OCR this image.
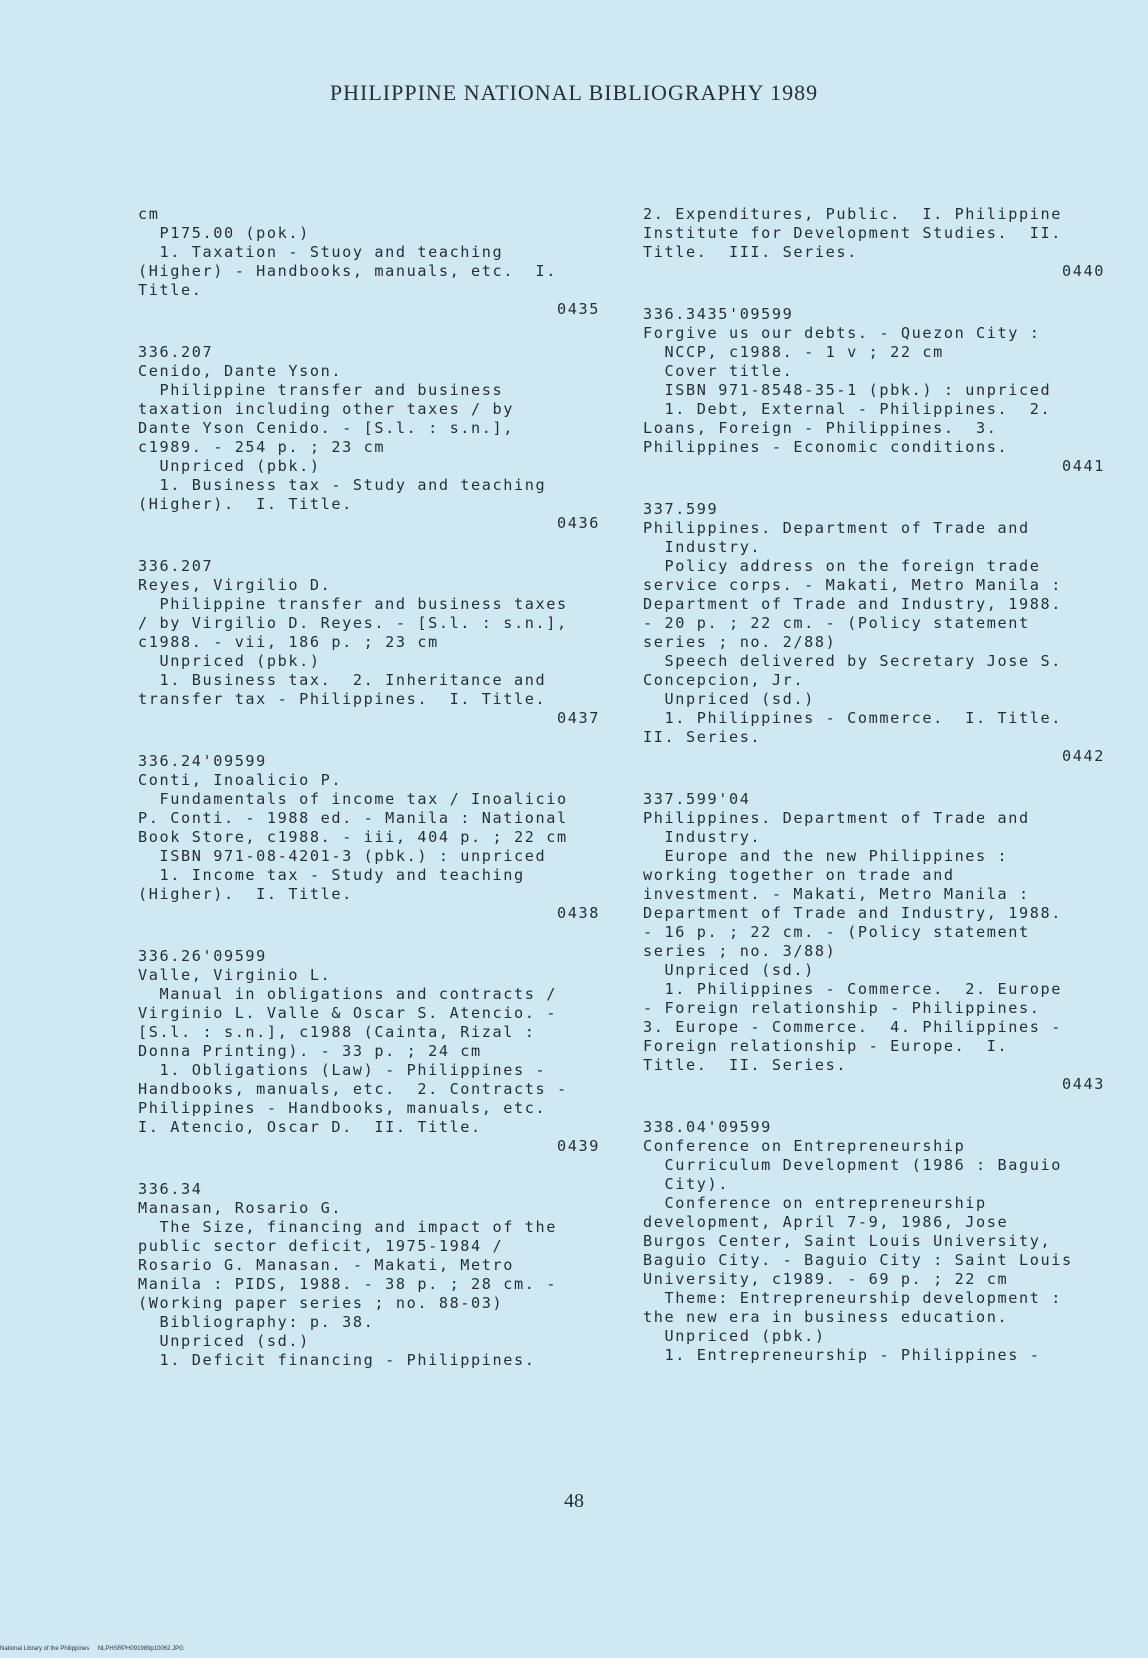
PHILIPPINE NATIONAL BIBLIOGRAPHY 1989
cm
P175.00 (pok.)
1. Taxation - Stuoy and teaching
(Higher) - Handbooks, manuals, etc.  I.
Title.
0435
336.207
Cenido, Dante Yson.
Philippine transfer and business
taxation including other taxes / by
Dante Yson Cenido. - [S.l. : s.n.],
c1989. - 254 p. ; 23 cm
Unpriced (pbk.)
1. Business tax - Study and teaching
(Higher).  I. Title.
0436
336.207
Reyes, Virgilio D.
Philippine transfer and business taxes
/ by Virgilio D. Reyes. - [S.l. : s.n.],
c1988. - vii, 186 p. ; 23 cm
Unpriced (pbk.)
1. Business tax.  2. Inheritance and
transfer tax - Philippines.  I. Title.
0437
336.24'09599
Conti, Inoalicio P.
Fundamentals of income tax / Inoalicio
P. Conti. - 1988 ed. - Manila : National
Book Store, c1988. - iii, 404 p. ; 22 cm
ISBN 971-08-4201-3 (pbk.) : unpriced
1. Income tax - Study and teaching
(Higher).  I. Title.
0438
336.26'09599
Valle, Virginio L.
Manual in obligations and contracts /
Virginio L. Valle & Oscar S. Atencio. -
[S.l. : s.n.], c1988 (Cainta, Rizal :
Donna Printing). - 33 p. ; 24 cm
1. Obligations (Law) - Philippines -
Handbooks, manuals, etc.  2. Contracts -
Philippines - Handbooks, manuals, etc.
I. Atencio, Oscar D.  II. Title.
0439
336.34
Manasan, Rosario G.
The Size, financing and impact of the
public sector deficit, 1975-1984 /
Rosario G. Manasan. - Makati, Metro
Manila : PIDS, 1988. - 38 p. ; 28 cm. -
(Working paper series ; no. 88-03)
Bibliography: p. 38.
Unpriced (sd.)
1. Deficit financing - Philippines.
2. Expenditures, Public.  I. Philippine
Institute for Development Studies.  II.
Title.  III. Series.
0440
336.3435'09599
Forgive us our debts. - Quezon City :
NCCP, c1988. - 1 v ; 22 cm
Cover title.
ISBN 971-8548-35-1 (pbk.) : unpriced
1. Debt, External - Philippines.  2.
Loans, Foreign - Philippines.  3.
Philippines - Economic conditions.
0441
337.599
Philippines. Department of Trade and
Industry.
Policy address on the foreign trade
service corps. - Makati, Metro Manila :
Department of Trade and Industry, 1988.
- 20 p. ; 22 cm. - (Policy statement
series ; no. 2/88)
Speech delivered by Secretary Jose S.
Concepcion, Jr.
Unpriced (sd.)
1. Philippines - Commerce.  I. Title.
II. Series.
0442
337.599'04
Philippines. Department of Trade and
Industry.
Europe and the new Philippines :
working together on trade and
investment. - Makati, Metro Manila :
Department of Trade and Industry, 1988.
- 16 p. ; 22 cm. - (Policy statement
series ; no. 3/88)
Unpriced (sd.)
1. Philippines - Commerce.  2. Europe
- Foreign relationship - Philippines.
3. Europe - Commerce.  4. Philippines -
Foreign relationship - Europe.  I.
Title.  II. Series.
0443
338.04'09599
Conference on Entrepreneurship
Curriculum Development (1986 : Baguio
City).
Conference on entrepreneurship
development, April 7-9, 1986, Jose
Burgos Center, Saint Louis University,
Baguio City. - Baguio City : Saint Louis
University, c1989. - 69 p. ; 22 cm
Theme: Entrepreneurship development :
the new era in business education.
Unpriced (pbk.)
1. Entrepreneurship - Philippines -
48
National Library of the Philippines     NLPHSRPH091989p10062.JPG
